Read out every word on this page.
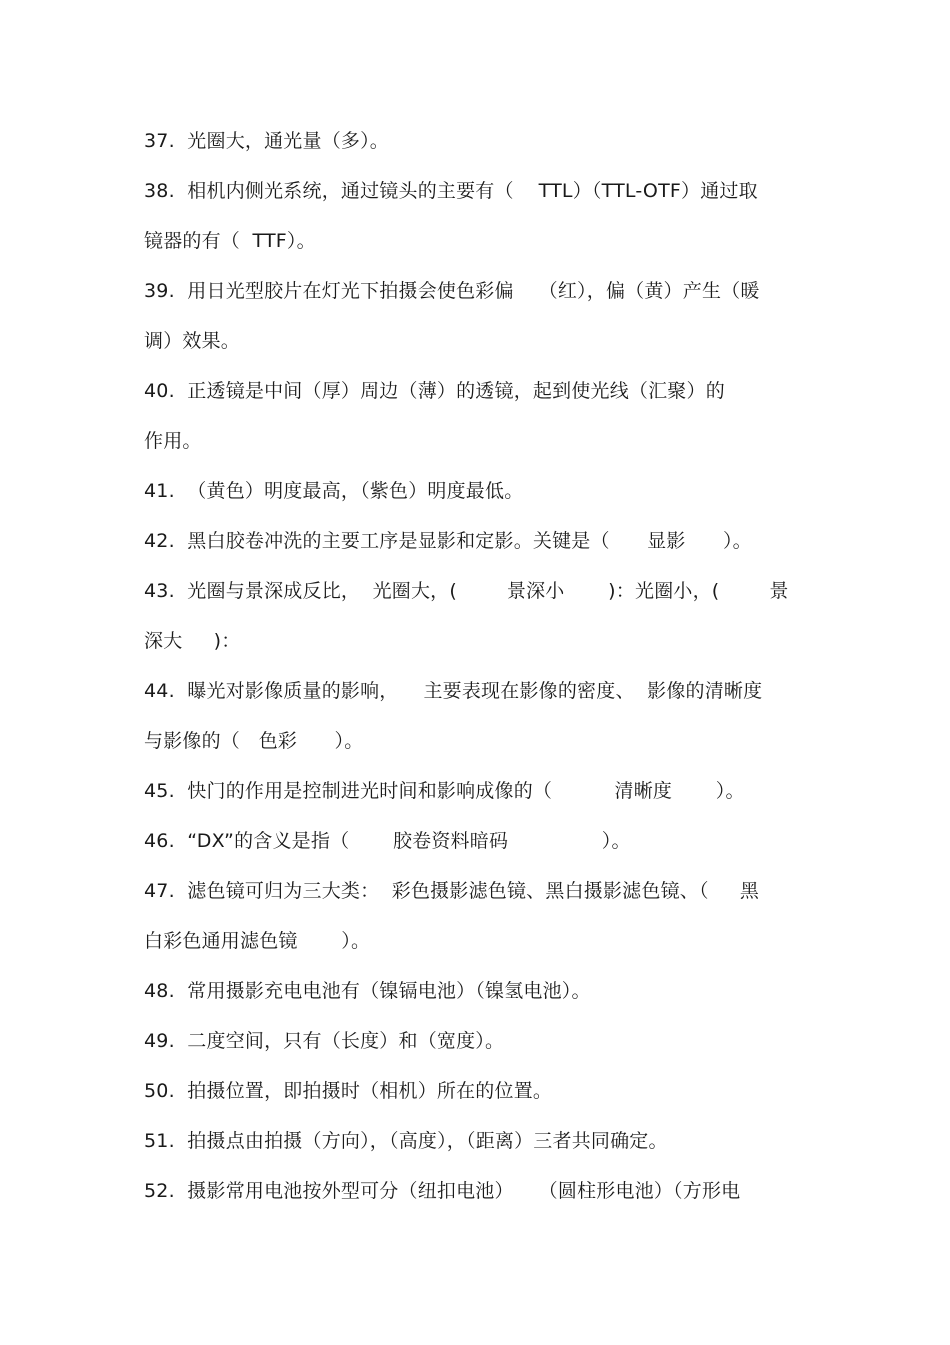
37.  光圈大，通光量（多）。
38.  相机内侧光系统，通过镜头的主要有（    TTL）（TTL-OTF）通过取
镜器的有（  TTF）。
39.  用日光型胶片在灯光下拍摄会使色彩偏    （红），偏（黄）产生（暖
调）效果。
40.  正透镜是中间（厚）周边（薄）的透镜，起到使光线（汇聚）的
作用。
41.  （黄色）明度最高，（紫色）明度最低。
42.  黑白胶卷冲洗的主要工序是显影和定影。关键是（      显影      ）。
43.  光圈与景深成反比，  光圈大，(        景深小       )：光圈小，(        景
深大     )：
44.  曝光对影像质量的影响，    主要表现在影像的密度、  影像的清晰度
与影像的（   色彩      ）。
45.  快门的作用是控制进光时间和影响成像的（          清晰度       ）。
46.  “DX”的含义是指（       胶卷资料暗码               ）。
47.  滤色镜可归为三大类：  彩色摄影滤色镜、黑白摄影滤色镜、（     黑
白彩色通用滤色镜       ）。
48.  常用摄影充电电池有（镍镉电池）（镍氢电池）。
49.  二度空间，只有（长度）和（宽度）。
50.  拍摄位置，即拍摄时（相机）所在的位置。
51.  拍摄点由拍摄（方向），（高度），（距离）三者共同确定。
52.  摄影常用电池按外型可分（纽扣电池）    （圆柱形电池）（方形电
